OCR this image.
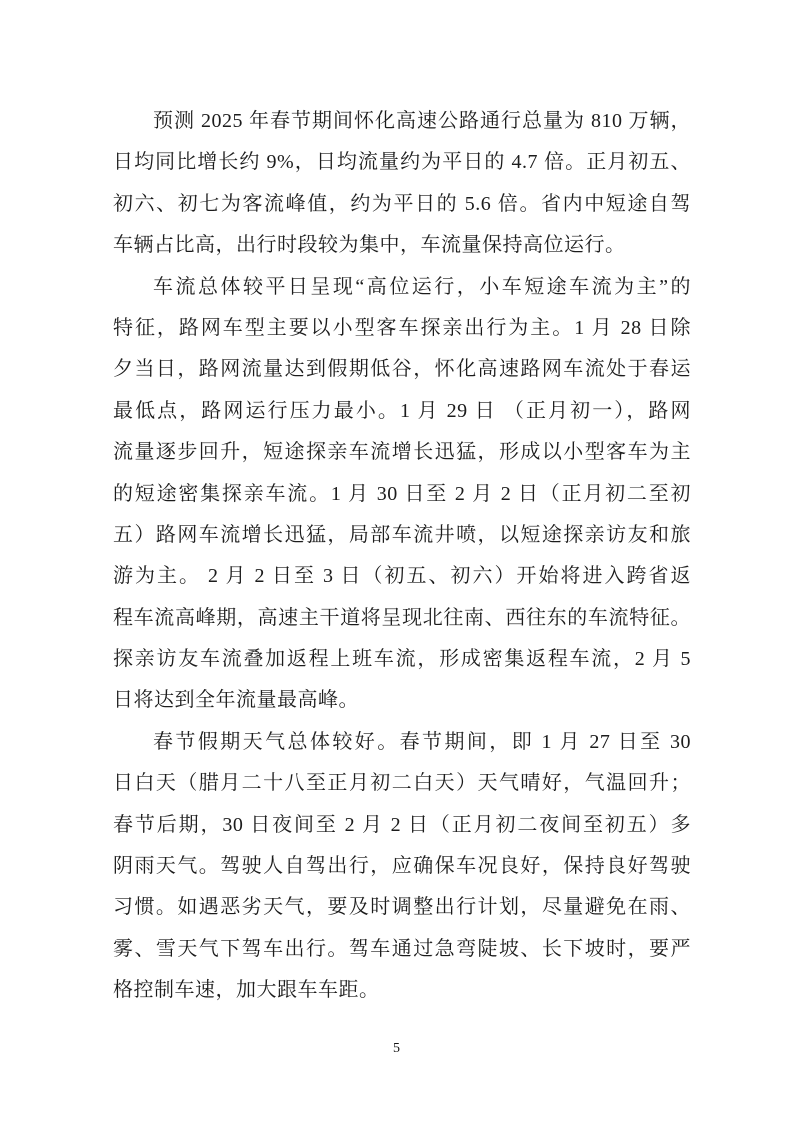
预测 2025 年春节期间怀化高速公路通行总量为 810 万辆，
日均同比增长约 9%，日均流量约为平日的 4.7 倍。正月初五、
初六、初七为客流峰值，约为平日的 5.6 倍。省内中短途自驾
车辆占比高，出行时段较为集中，车流量保持高位运行。
车流总体较平日呈现“高位运行，小车短途车流为主”的
特征，路网车型主要以小型客车探亲出行为主。1 月 28 日除
夕当日，路网流量达到假期低谷，怀化高速路网车流处于春运
最低点，路网运行压力最小。1 月 29 日 （正月初一），路网
流量逐步回升，短途探亲车流增长迅猛，形成以小型客车为主
的短途密集探亲车流。1 月 30 日至 2 月 2 日（正月初二至初
五）路网车流增长迅猛，局部车流井喷，以短途探亲访友和旅
游为主。 2 月 2 日至 3 日（初五、初六）开始将进入跨省返
程车流高峰期，高速主干道将呈现北往南、西往东的车流特征。
探亲访友车流叠加返程上班车流，形成密集返程车流，2 月 5
日将达到全年流量最高峰。
春节假期天气总体较好。春节期间，即 1 月 27 日至 30
日白天（腊月二十八至正月初二白天）天气晴好，气温回升；
春节后期，30 日夜间至 2 月 2 日（正月初二夜间至初五）多
阴雨天气。驾驶人自驾出行，应确保车况良好，保持良好驾驶
习惯。如遇恶劣天气，要及时调整出行计划，尽量避免在雨、
雾、雪天气下驾车出行。驾车通过急弯陡坡、长下坡时，要严
格控制车速，加大跟车车距。
5
